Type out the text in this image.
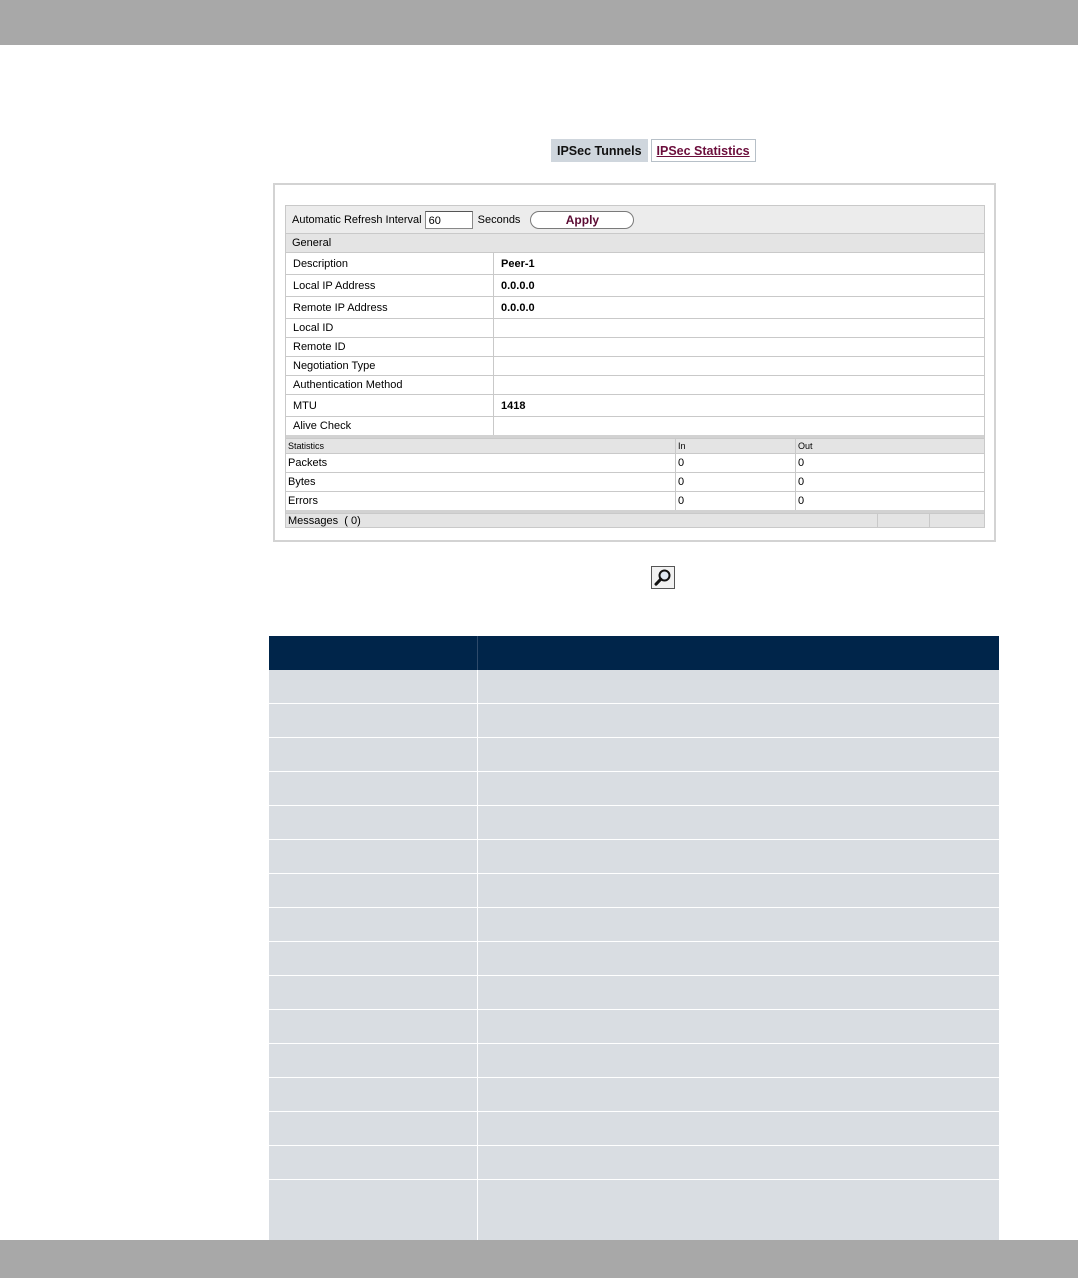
IPSec Tunnels	IPSec Statistics
Automatic Refresh Interval 60	Seconds	Apply
General
Description	Peer-1
Local IP Address	0.0.0.0
Remote IP Address	0.0.0.0
Local ID
Remote ID
Negotiation Type
Authentication Method
MTU	1418
Alive Check
Statistics	In	Out
Packets	0	0
Bytes	0	0
Errors	0	0
Messages
( 0)
